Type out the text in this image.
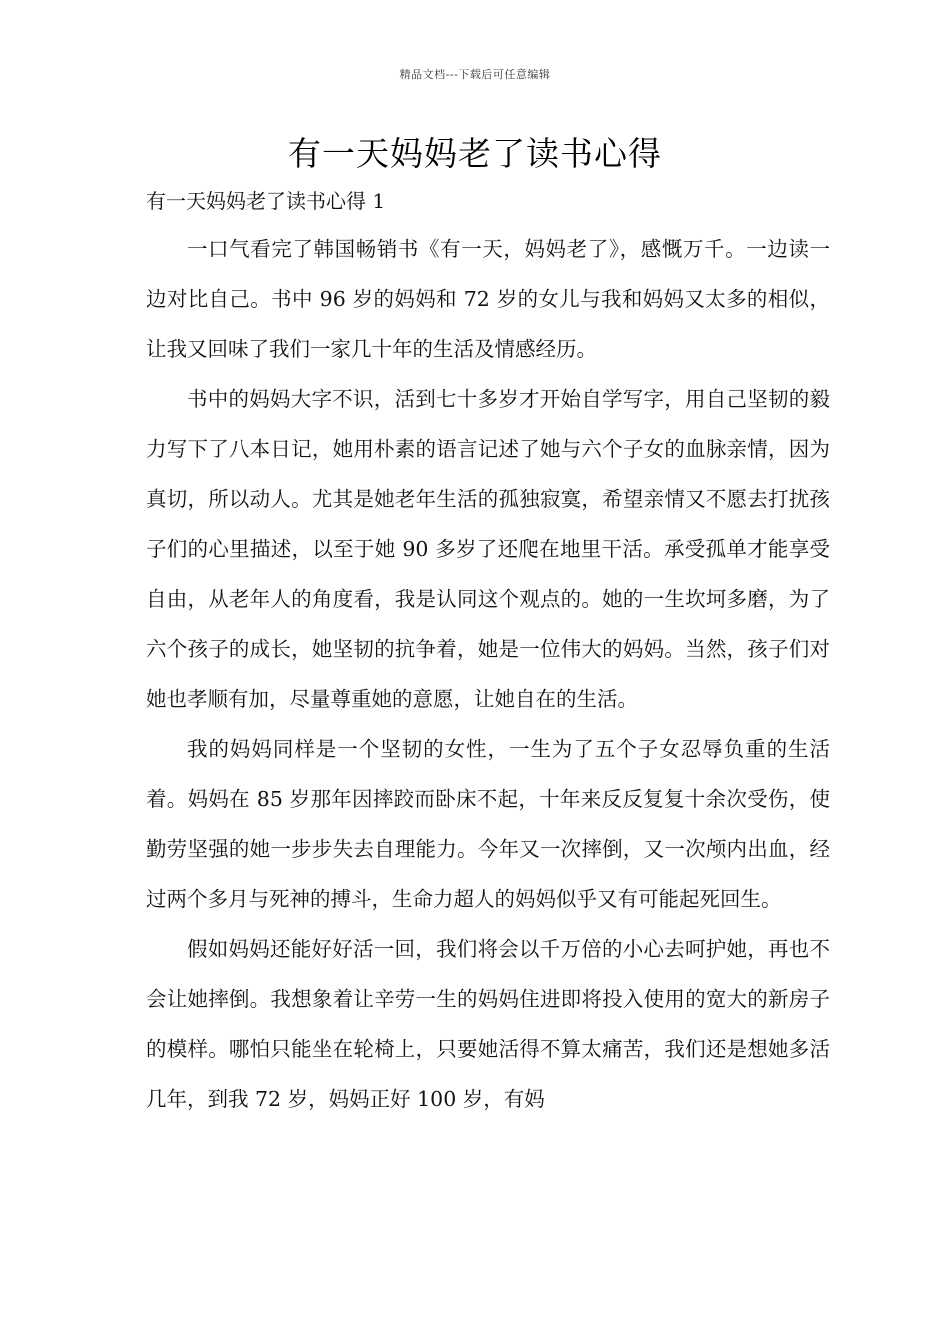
精品文档---下载后可任意编辑
有一天妈妈老了读书心得

有一天妈妈老了读书心得 1

一口气看完了韩国畅销书《有一天，妈妈老了》，感慨万千。一边读一边对比自己。书中 96 岁的妈妈和 72 岁的女儿与我和妈妈又太多的相似，让我又回味了我们一家几十年的生活及情感经历。

书中的妈妈大字不识，活到七十多岁才开始自学写字，用自己坚韧的毅力写下了八本日记，她用朴素的语言记述了她与六个子女的血脉亲情，因为真切，所以动人。尤其是她老年生活的孤独寂寞，希望亲情又不愿去打扰孩子们的心里描述，以至于她 90 多岁了还爬在地里干活。承受孤单才能享受自由，从老年人的角度看，我是认同这个观点的。她的一生坎坷多磨，为了六个孩子的成长，她坚韧的抗争着，她是一位伟大的妈妈。当然，孩子们对她也孝顺有加，尽量尊重她的意愿，让她自在的生活。

我的妈妈同样是一个坚韧的女性，一生为了五个子女忍辱负重的生活着。妈妈在 85 岁那年因摔跤而卧床不起，十年来反反复复十余次受伤，使勤劳坚强的她一步步失去自理能力。今年又一次摔倒，又一次颅内出血，经过两个多月与死神的搏斗，生命力超人的妈妈似乎又有可能起死回生。

假如妈妈还能好好活一回，我们将会以千万倍的小心去呵护她，再也不会让她摔倒。我想象着让辛劳一生的妈妈住进即将投入使用的宽大的新房子的模样。哪怕只能坐在轮椅上，只要她活得不算太痛苦，我们还是想她多活几年，到我 72 岁，妈妈正好 100 岁，有妈
